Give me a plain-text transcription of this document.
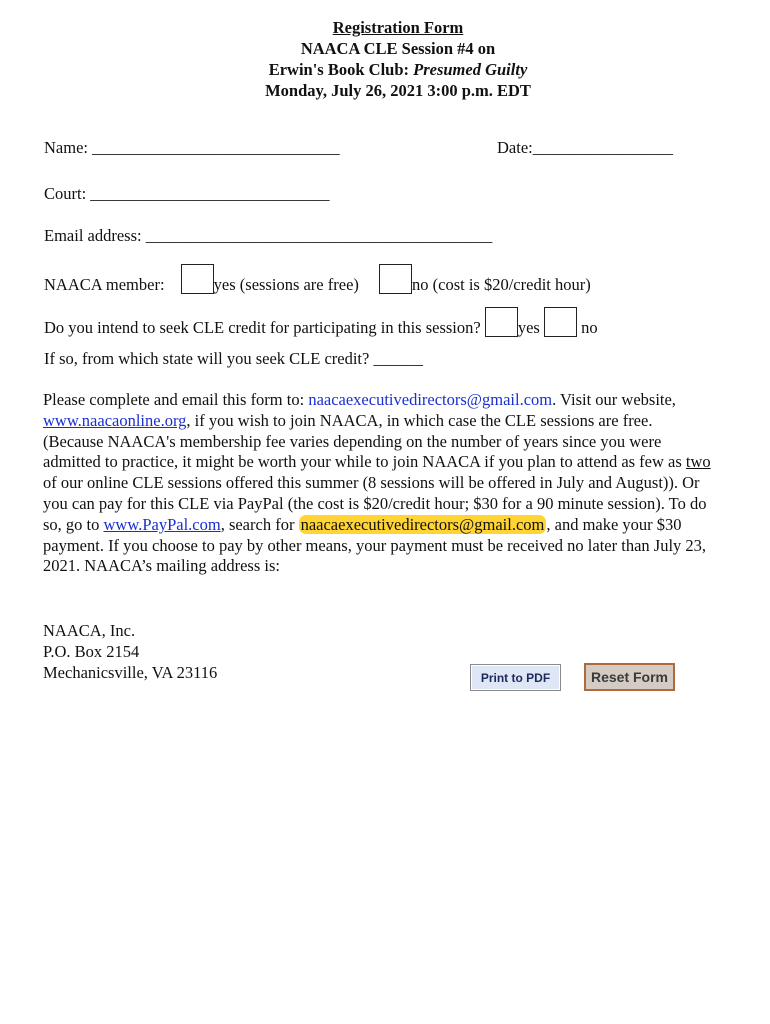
Registration Form
NAACA CLE Session #4 on
Erwin's Book Club: Presumed Guilty
Monday, July 26, 2021 3:00 p.m. EDT
Name: ______________________________	Date:_________________
Court: _____________________________
Email address: __________________________________________
NAACA member:	yes (sessions are free)	no (cost is $20/credit hour)
Do you intend to seek CLE credit for participating in this session? yes	no
If so, from which state will you seek CLE credit? ______
Please complete and email this form to: naacaexecutivedirectors@gmail.com. Visit our website, www.naacaonline.org, if you wish to join NAACA, in which case the CLE sessions are free. (Because NAACA's membership fee varies depending on the number of years since you were admitted to practice, it might be worth your while to join NAACA if you plan to attend as few as two of our online CLE sessions offered this summer (8 sessions will be offered in July and August)). Or you can pay for this CLE via PayPal (the cost is $20/credit hour; $30 for a 90 minute session). To do so, go to www.PayPal.com, search for naacaexecutivedirectors@gmail.com , and make your $30 payment. If you choose to pay by other means, your payment must be received no later than July 23, 2021. NAACA’s mailing address is:
NAACA, Inc.
P.O. Box 2154
Mechanicsville, VA 23116	Print to PDF	Reset Form
